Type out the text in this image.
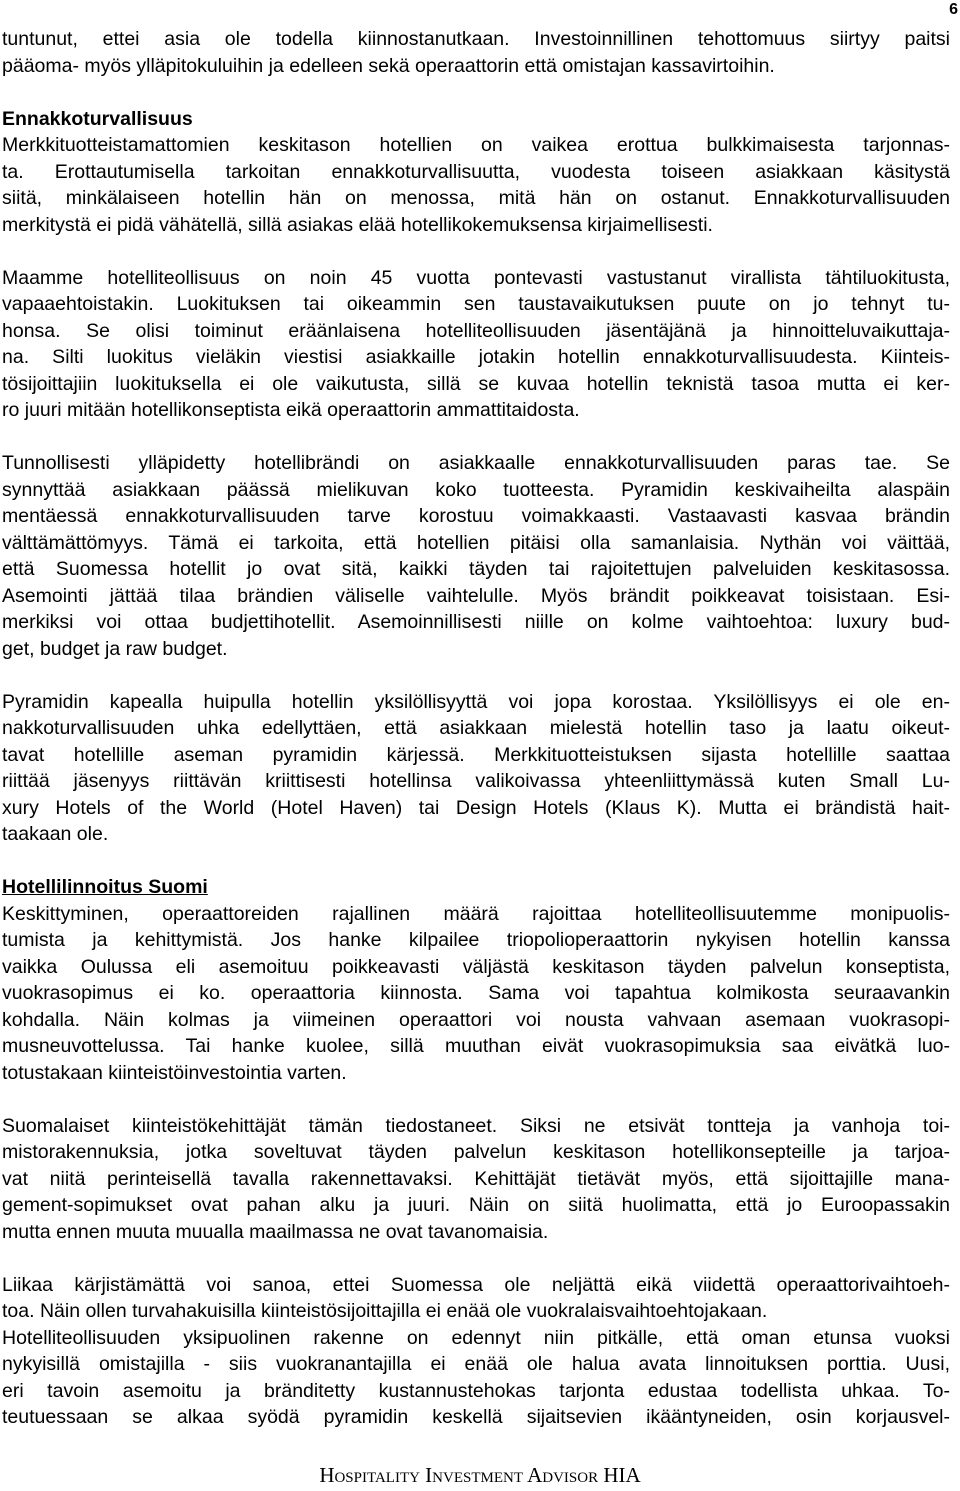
6
tuntunut, ettei asia ole todella kiinnostanutkaan. Investoinnillinen tehottomuus siirtyy paitsi
pääoma- myös ylläpitokuluihin ja edelleen sekä operaattorin että omistajan kassavirtoihin.
Ennakkoturvallisuus
Merkkituotteistamattomien keskitason hotellien on vaikea erottua bulkkimaisesta tarjonnas-
ta. Erottautumisella tarkoitan ennakkoturvallisuutta, vuodesta toiseen asiakkaan käsitystä
siitä, minkälaiseen hotellin hän on menossa, mitä hän on ostanut. Ennakkoturvallisuuden
merkitystä ei pidä vähätellä, sillä asiakas elää hotellikokemuksensa kirjaimellisesti.
Maamme hotelliteollisuus on noin 45 vuotta pontevasti vastustanut virallista tähtiluokitusta,
vapaaehtoistakin. Luokituksen tai oikeammin sen taustavaikutuksen puute on jo tehnyt tu-
honsa. Se olisi toiminut eräänlaisena hotelliteollisuuden jäsentäjänä ja hinnoitteluvaikuttaja-
na. Silti luokitus vieläkin viestisi asiakkaille jotakin hotellin ennakkoturvallisuudesta. Kiinteis-
tösijoittajiin luokituksella ei ole vaikutusta, sillä se kuvaa hotellin teknistä tasoa mutta ei ker-
ro juuri mitään hotellikonseptista eikä operaattorin ammattitaidosta.
Tunnollisesti ylläpidetty hotellibrändi on asiakkaalle ennakkoturvallisuuden paras tae. Se
synnyttää asiakkaan päässä mielikuvan koko tuotteesta. Pyramidin keskivaiheilta alaspäin
mentäessä ennakkoturvallisuuden tarve korostuu voimakkaasti. Vastaavasti kasvaa brändin
välttämättömyys. Tämä ei tarkoita, että hotellien pitäisi olla samanlaisia. Nythän voi väittää,
että Suomessa hotellit jo ovat sitä, kaikki täyden tai rajoitettujen palveluiden keskitasossa.
Asemointi jättää tilaa brändien väliselle vaihtelulle. Myös brändit poikkeavat toisistaan. Esi-
merkiksi voi ottaa budjettihotellit. Asemoinnillisesti niille on kolme vaihtoehtoa: luxury bud-
get, budget ja raw budget.
Pyramidin kapealla huipulla hotellin yksilöllisyyttä voi jopa korostaa. Yksilöllisyys ei ole en-
nakkoturvallisuuden uhka edellyttäen, että asiakkaan mielestä hotellin taso ja laatu oikeut-
tavat hotellille aseman pyramidin kärjessä. Merkkituotteistuksen sijasta hotellille saattaa
riittää jäsenyys riittävän kriittisesti hotellinsa valikoivassa yhteenliittymässä kuten Small Lu-
xury Hotels of the World (Hotel Haven) tai Design Hotels (Klaus K). Mutta ei brändistä hait-
taakaan ole.
Hotellilinnoitus Suomi
Keskittyminen, operaattoreiden rajallinen määrä rajoittaa hotelliteollisuutemme monipuolis-
tumista ja kehittymistä. Jos hanke kilpailee triopolioperaattorin nykyisen hotellin kanssa
vaikka Oulussa eli asemoituu poikkeavasti väljästä keskitason täyden palvelun konseptista,
vuokrasopimus ei ko. operaattoria kiinnosta. Sama voi tapahtua kolmikosta seuraavankin
kohdalla. Näin kolmas ja viimeinen operaattori voi nousta vahvaan asemaan vuokrasopi-
musneuvottelussa. Tai hanke kuolee, sillä muuthan eivät vuokrasopimuksia saa eivätkä luo-
totustakaan kiinteistöinvestointia varten.
Suomalaiset kiinteistökehittäjät tämän tiedostaneet. Siksi ne etsivät tontteja ja vanhoja toi-
mistorakennuksia, jotka soveltuvat täyden palvelun keskitason hotellikonsepteille ja tarjoa-
vat niitä perinteisellä tavalla rakennettavaksi. Kehittäjät tietävät myös, että sijoittajille mana-
gement-sopimukset ovat pahan alku ja juuri. Näin on siitä huolimatta, että jo Euroopassakin
mutta ennen muuta muualla maailmassa ne ovat tavanomaisia.
Liikaa kärjistämättä voi sanoa, ettei Suomessa ole neljättä eikä viidettä operaattorivaihtoeh-
toa. Näin ollen turvahakuisilla kiinteistösijoittajilla ei enää ole vuokralaisvaihtoehtojakaan.
Hotelliteollisuuden yksipuolinen rakenne on edennyt niin pitkälle, että oman etunsa vuoksi
nykyisillä omistajilla - siis vuokranantajilla ei enää ole halua avata linnoituksen porttia. Uusi,
eri tavoin asemoitu ja bränditetty kustannustehokas tarjonta edustaa todellista uhkaa. To-
teutuessaan se alkaa syödä pyramidin keskellä sijaitsevien ikääntyneiden, osin korjausvel-
Hospitality Investment Advisor HIA
